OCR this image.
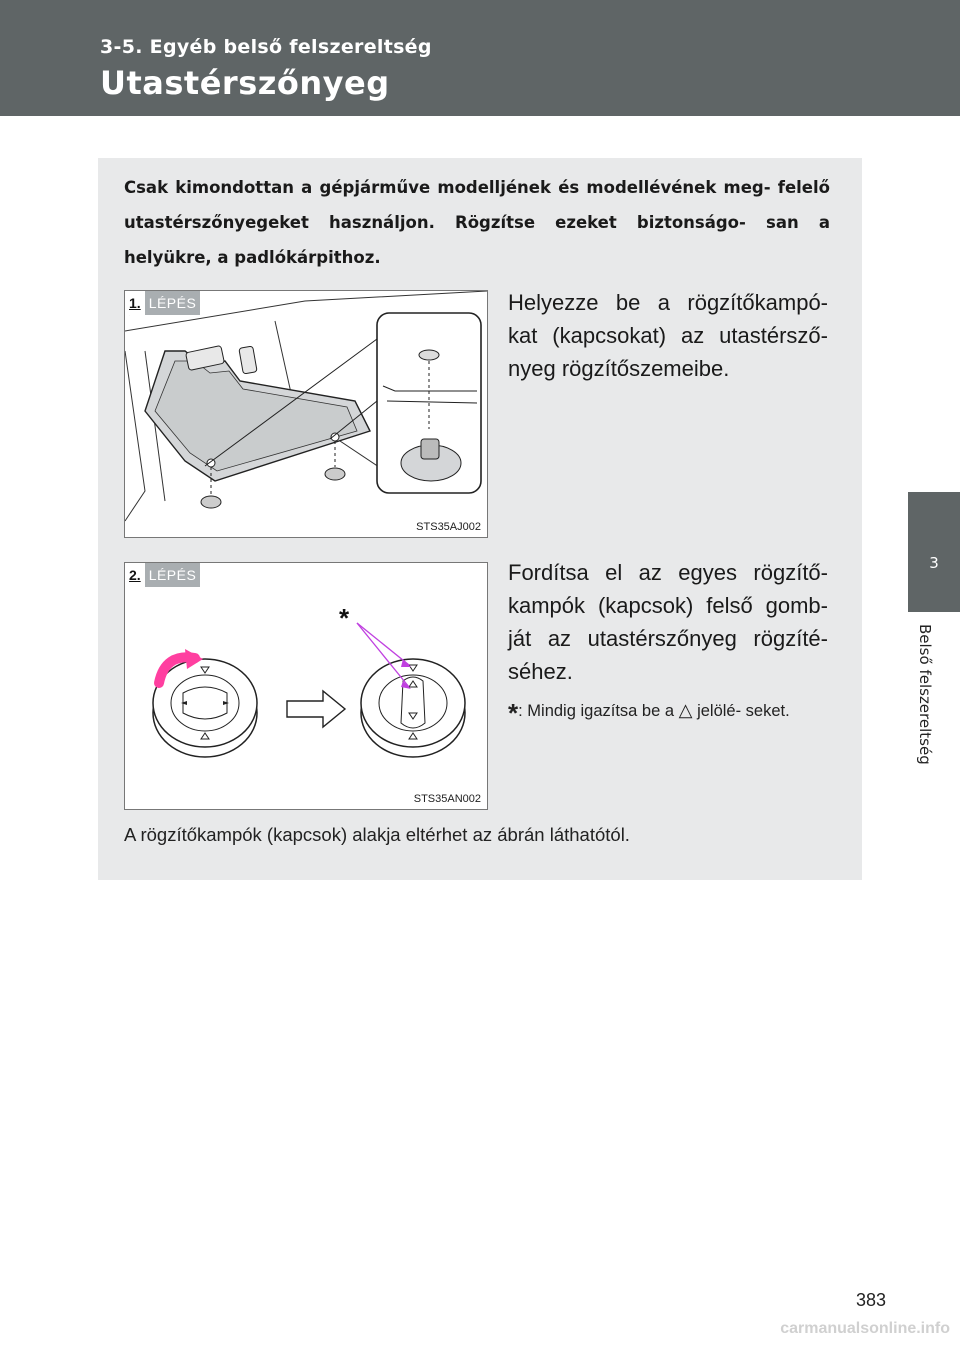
3-5. Egyéb belső felszereltség
Utastérszőnyeg
3
Belső felszereltség
Csak kimondottan a gépjárműve modelljének és modellévének meg- felelő utastérszőnyegeket használjon. Rögzítse ezeket biztonságo- san a helyükre, a padlókárpithoz.
1. LÉPÉS
STS35AJ002
Helyezze be a rögzítőkampó- kat (kapcsokat) az utastérsző- nyeg rögzítőszemeibe.
2. LÉPÉS
*
STS35AN002
Fordítsa el az egyes rögzítő- kampók (kapcsok) felső gomb- ját az utastérszőnyeg rögzíté- séhez.
*: Mindig igazítsa be a △ jelölé- seket.
A rögzítőkampók (kapcsok) alakja eltérhet az ábrán láthatótól.
383
carmanualsonline.info
